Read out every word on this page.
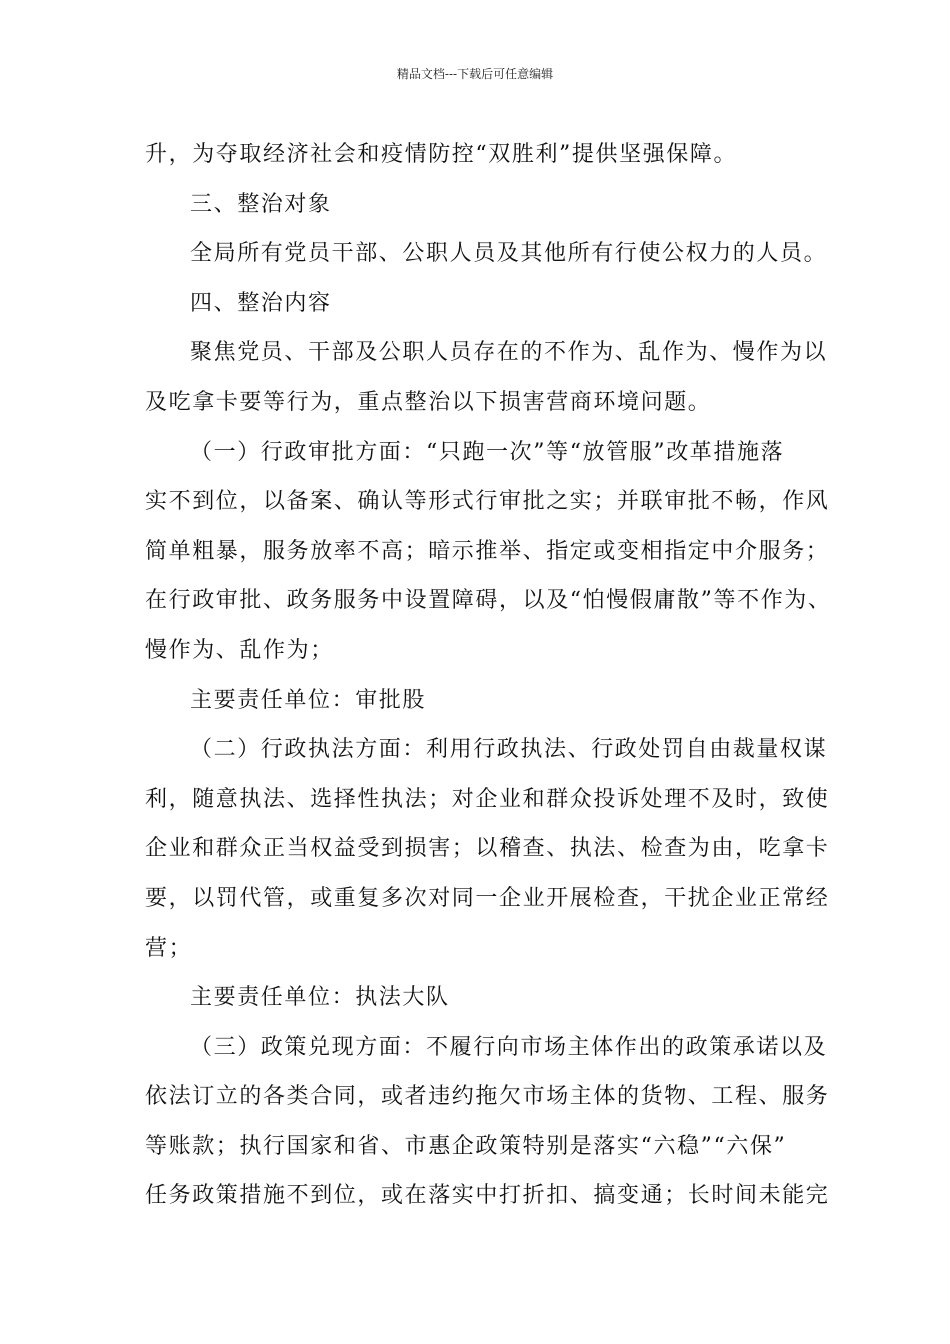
精品文档---下载后可任意编辑

升，为夺取经济社会和疫情防控“双胜利”提供坚强保障。

三、整治对象

全局所有党员干部、公职人员及其他所有行使公权力的人员。

四、整治内容

聚焦党员、干部及公职人员存在的不作为、乱作为、慢作为以

及吃拿卡要等行为，重点整治以下损害营商环境问题。

（一）行政审批方面：“只跑一次”等“放管服”改革措施落

实不到位，以备案、确认等形式行审批之实；并联审批不畅，作风

简单粗暴，服务放率不高；暗示推举、指定或变相指定中介服务；

在行政审批、政务服务中设置障碍，以及“怕慢假庸散”等不作为、

慢作为、乱作为；

主要责任单位：审批股

（二）行政执法方面：利用行政执法、行政处罚自由裁量权谋

利，随意执法、选择性执法；对企业和群众投诉处理不及时，致使

企业和群众正当权益受到损害；以稽查、执法、检查为由，吃拿卡

要，以罚代管，或重复多次对同一企业开展检查，干扰企业正常经

营；

主要责任单位：执法大队

（三）政策兑现方面：不履行向市场主体作出的政策承诺以及

依法订立的各类合同，或者违约拖欠市场主体的货物、工程、服务

等账款；执行国家和省、市惠企政策特别是落实“六稳”“六保”

任务政策措施不到位，或在落实中打折扣、搞变通；长时间未能完
